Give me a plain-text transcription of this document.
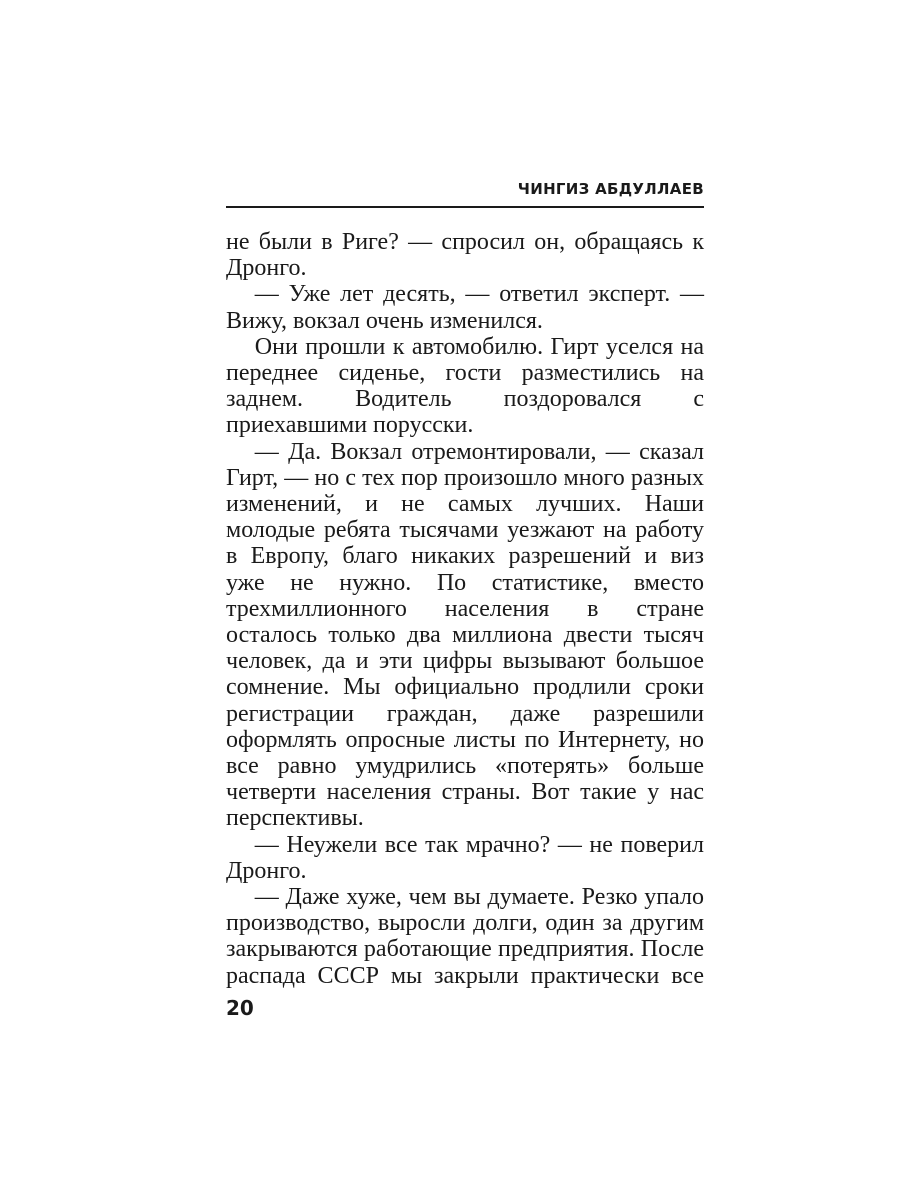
ЧИНГИЗ АБДУЛЛАЕВ

не были в Риге? — спросил он, обращаясь к Дронго.

— Уже лет десять, — ответил эксперт. — Вижу, вокзал очень изменился.

Они прошли к автомобилю. Гирт уселся на переднее сиденье, гости разместились на заднем. Водитель поздоровался с приехавшими порусски.

— Да. Вокзал отремонтировали, — сказал Гирт, — но с тех пор произошло много разных изменений, и не самых лучших. Наши молодые ребята тысячами уезжают на работу в Европу, благо никаких разрешений и виз уже не нужно. По статистике, вместо трехмиллионного населения в стране осталось только два миллиона двести тысяч человек, да и эти цифры вызывают большое сомнение. Мы официально продлили сроки регистрации граждан, даже разрешили оформлять опросные листы по Интернету, но все равно умудрились «потерять» больше четверти населения страны. Вот такие у нас перспективы.

— Неужели все так мрачно? — не поверил Дронго.

— Даже хуже, чем вы думаете. Резко упало производство, выросли долги, один за другим закрываются работающие предприятия. После распада СССР мы закрыли практически все

20
